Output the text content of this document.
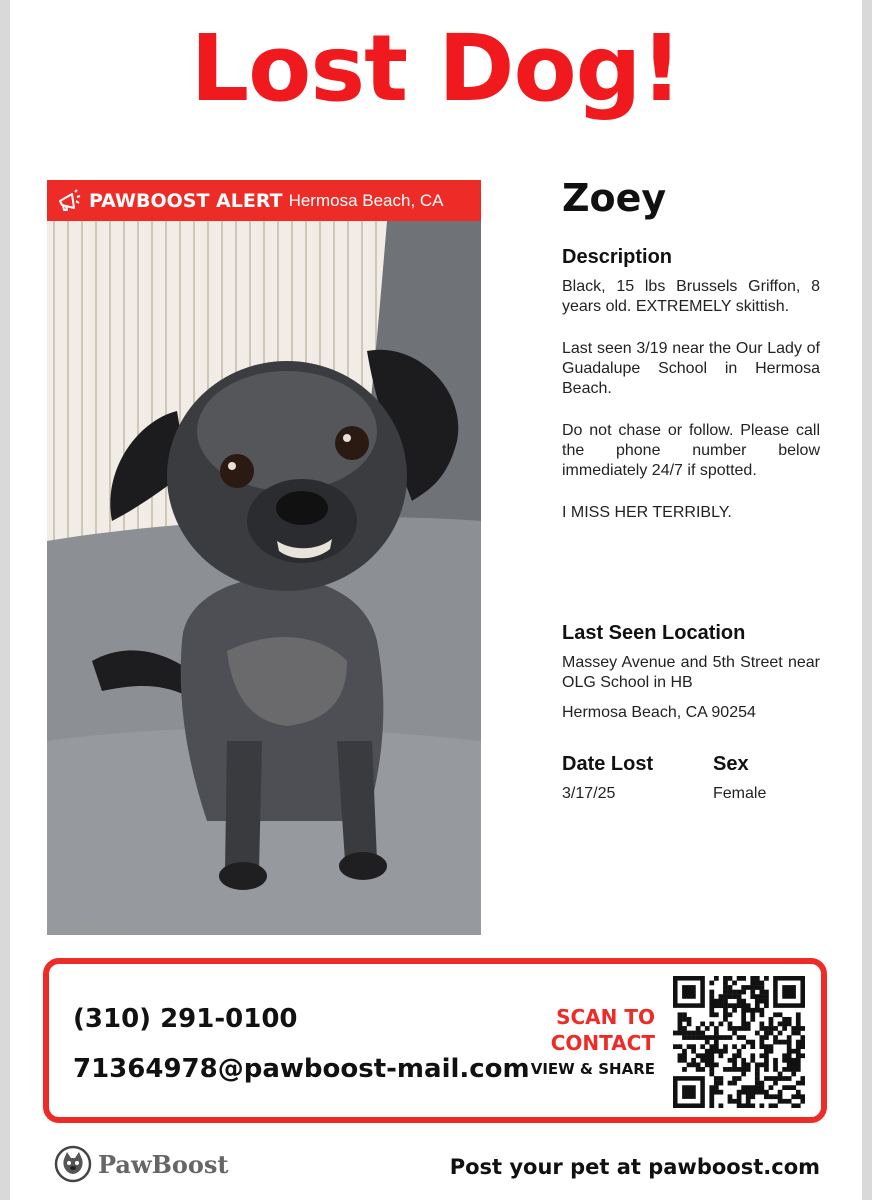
Lost Dog!
PAWBOOST ALERT Hermosa Beach, CA
ID: 71364978
Zoey
Description

Black, 15 lbs Brussels Griffon, 8 years old. EXTREMELY skittish.

Last seen 3/19 near the Our Lady of Guadalupe School in Hermosa Beach.

Do not chase or follow. Please call the phone number below immediately 24/7 if spotted.

I MISS HER TERRIBLY.

Last Seen Location

Massey Avenue and 5th Street near OLG School in HB

Hermosa Beach, CA 90254

Date Lost

3/17/25

Sex

Female

(310) 291-0100
71364978@pawboost-mail.com
SCAN TO
CONTACT
VIEW & SHARE
PawBoost	Post your pet at pawboost.com
